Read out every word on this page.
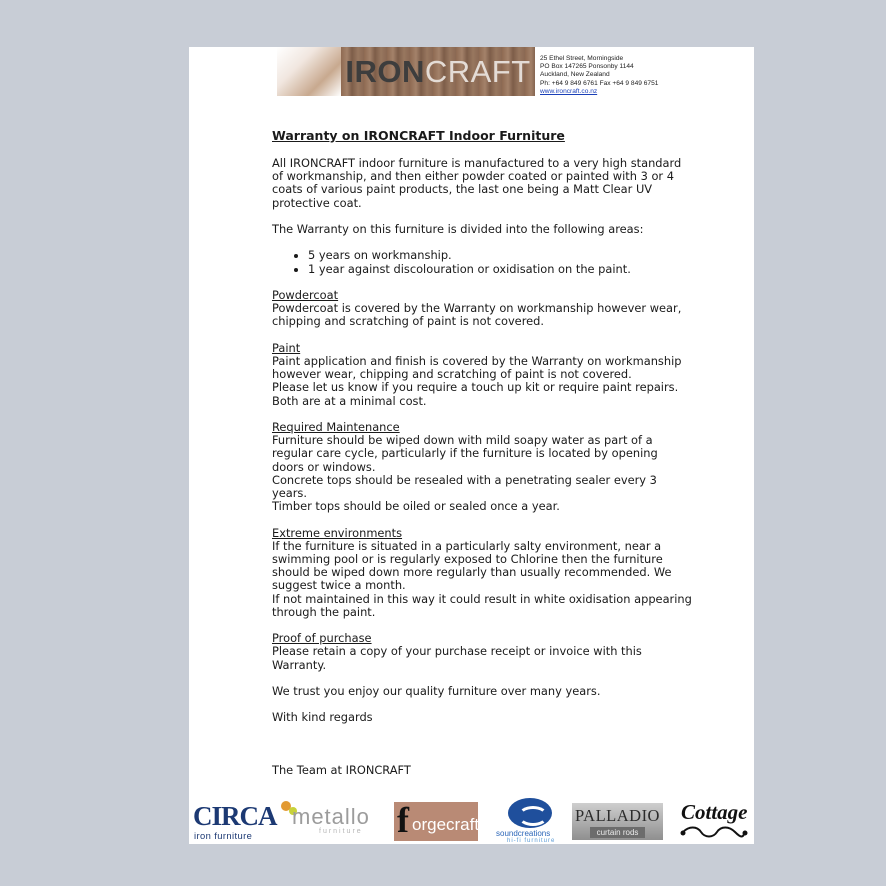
IRONCRAFT	25 Ethel Street, Morningside
PO Box 147265 Ponsonby 1144
Auckland, New Zealand
Ph: +64 9 849 6761 Fax +64 9 849 6751
www.ironcraft.co.nz
Warranty on IRONCRAFT Indoor Furniture

All IRONCRAFT indoor furniture is manufactured to a very high standard of workmanship, and then either powder coated or painted with 3 or 4 coats of various paint products, the last one being a Matt Clear UV protective coat.

The Warranty on this furniture is divided into the following areas:

• 5 years on workmanship.
• 1 year against discolouration or oxidisation on the paint.

Powdercoat
Powdercoat is covered by the Warranty on workmanship however wear, chipping and scratching of paint is not covered.

Paint
Paint application and finish is covered by the Warranty on workmanship however wear, chipping and scratching of paint is not covered.
Please let us know if you require a touch up kit or require paint repairs. Both are at a minimal cost.

Required Maintenance
Furniture should be wiped down with mild soapy water as part of a regular care cycle, particularly if the furniture is located by opening doors or windows.
Concrete tops should be resealed with a penetrating sealer every 3 years.
Timber tops should be oiled or sealed once a year.

Extreme environments
If the furniture is situated in a particularly salty environment, near a swimming pool or is regularly exposed to Chlorine then the furniture should be wiped down more regularly than usually recommended. We suggest twice a month.
If not maintained in this way it could result in white oxidisation appearing through the paint.

Proof of purchase
Please retain a copy of your purchase receipt or invoice with this Warranty.

We trust you enjoy our quality furniture over many years.

With kind regards

The Team at IRONCRAFT

CIRCA
iron furniture
metallo
furniture f orgecraft soundcreations
hi-fi furniture
PALLADIO
curtain rods
Cottage
